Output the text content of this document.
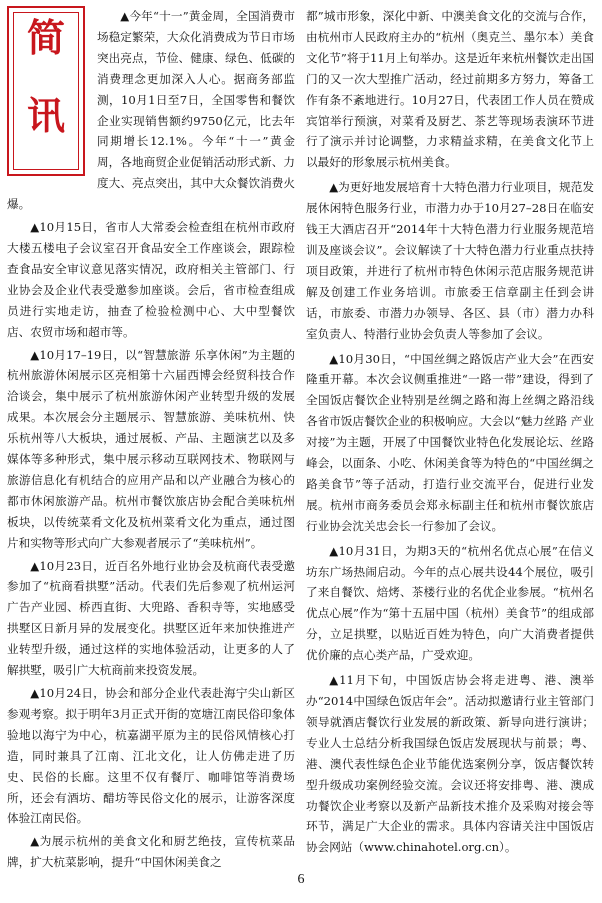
简
讯

▲今年“十一”黄金周，全国消费市场稳定繁荣，大众化消费成为节日市场突出亮点，节俭、健康、绿色、低碳的消费理念更加深入人心。据商务部监测，10月1日至7日，全国零售和餐饮企业实现销售额约9750亿元，比去年同期增长12.1%。今年“十一”黄金周，各地商贸企业促销活动形式新、力度大、亮点突出，其中大众餐饮消费火爆。

▲10月15日，省市人大常委会检查组在杭州市政府大楼五楼电子会议室召开食品安全工作座谈会，跟踪检查食品安全审议意见落实情况，政府相关主管部门、行业协会及企业代表受邀参加座谈。会后，省市检查组成员进行实地走访，抽查了检验检测中心、大中型餐饮店、农贸市场和超市等。

▲10月17–19日，以“智慧旅游 乐享休闲”为主题的杭州旅游休闲展示区亮相第十六届西博会经贸科技合作洽谈会，集中展示了杭州旅游休闲产业转型升级的发展成果。本次展会分主题展示、智慧旅游、美味杭州、快乐杭州等八大板块，通过展板、产品、主题演艺以及多媒体等多种形式，集中展示移动互联网技术、物联网与旅游信息化有机结合的应用产品和以产业融合为核心的都市休闲旅游产品。杭州市餐饮旅店协会配合美味杭州板块，以传统菜肴文化及杭州菜肴文化为重点，通过图片和实物等形式向广大参观者展示了“美味杭州”。

▲10月23日，近百名外地行业协会及杭商代表受邀参加了“杭商看拱墅”活动。代表们先后参观了杭州运河广告产业园、桥西直街、大兜路、香积寺等，实地感受拱墅区日新月异的发展变化。拱墅区近年来加快推进产业转型升级，通过这样的实地体验活动，让更多的人了解拱墅，吸引广大杭商前来投资发展。

▲10月24日，协会和部分企业代表赴海宁尖山新区参观考察。拟于明年3月正式开街的宽塘江南民俗印象体验地以海宁为中心，杭嘉湖平原为主的民俗风情核心打造，同时兼具了江南、江北文化，让人仿佛走进了历史、民俗的长廊。这里不仅有餐厅、咖啡馆等消费场所，还会有酒坊、醋坊等民俗文化的展示，让游客深度体验江南民俗。

▲为展示杭州的美食文化和厨艺绝技，宣传杭菜品牌，扩大杭菜影响，提升“中国休闲美食之

都”城市形象，深化中新、中澳美食文化的交流与合作，由杭州市人民政府主办的“杭州（奥克兰、墨尔本）美食文化节”将于11月上旬举办。这是近年来杭州餐饮走出国门的又一次大型推广活动，经过前期多方努力，筹备工作有条不紊地进行。10月27日，代表团工作人员在赞成宾馆举行预演，对菜肴及厨艺、茶艺等现场表演环节进行了演示并讨论调整，力求精益求精，在美食文化节上以最好的形象展示杭州美食。

▲为更好地发展培育十大特色潜力行业项目，规范发展休闲特色服务行业，市潜力办于10月27–28日在临安钱王大酒店召开“2014年十大特色潜力行业服务规范培训及座谈会议”。会议解读了十大特色潜力行业重点扶持项目政策，并进行了杭州市特色休闲示范店服务规范讲解及创建工作业务培训。市旅委王信章副主任到会讲话，市旅委、市潜力办领导、各区、县（市）潜力办科室负责人、特潜行业协会负责人等参加了会议。

▲10月30日，“中国丝绸之路饭店产业大会”在西安隆重开幕。本次会议侧重推进“一路一带”建设，得到了全国饭店餐饮企业特别是丝绸之路和海上丝绸之路沿线各省市饭店餐饮企业的积极响应。大会以“魅力丝路 产业对接”为主题，开展了中国餐饮业特色化发展论坛、丝路峰会，以面条、小吃、休闲美食等为特色的“中国丝绸之路美食节”等子活动，打造行业交流平台，促进行业发展。杭州市商务委员会郑永标副主任和杭州市餐饮旅店行业协会沈关忠会长一行参加了会议。

▲10月31日，为期3天的“杭州名优点心展”在信义坊东广场热闹启动。今年的点心展共设44个展位，吸引了来自餐饮、焙烤、茶楼行业的名优企业参展。“杭州名优点心展”作为“第十五届中国（杭州）美食节”的组成部分，立足拱墅，以贴近百姓为特色，向广大消费者提供优价廉的点心类产品，广受欢迎。

▲11月下旬，中国饭店协会将走进粤、港、澳举办“2014中国绿色饭店年会”。活动拟邀请行业主管部门领导就酒店餐饮行业发展的新政策、新导向进行演讲；专业人士总结分析我国绿色饭店发展现状与前景；粤、港、澳代表性绿色企业节能优选案例分享，饭店餐饮转型升级成功案例经验交流。会议还将安排粤、港、澳成功餐饮企业考察以及新产品新技术推介及采购对接会等环节，满足广大企业的需求。具体内容请关注中国饭店协会网站（www.chinahotel.org.cn）。

6
